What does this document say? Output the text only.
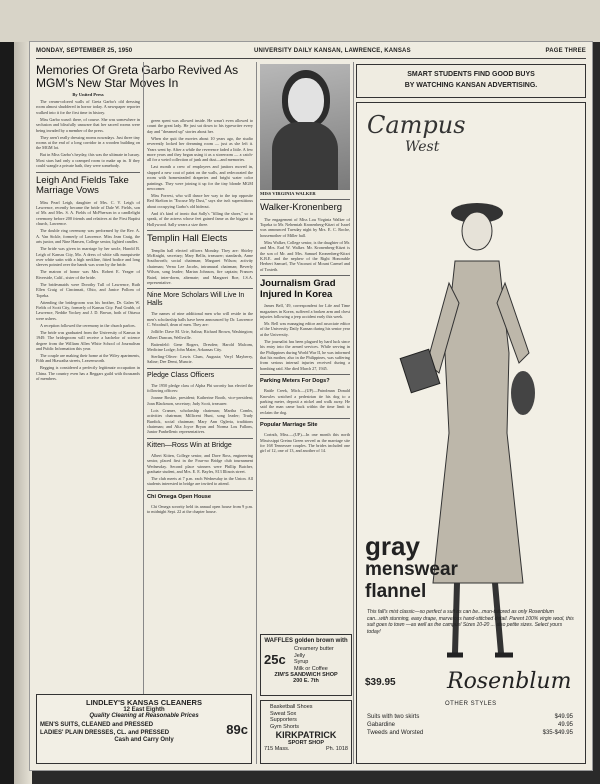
MONDAY, SEPTEMBER 25, 1950	UNIVERSITY DAILY KANSAN, LAWRENCE, KANSAS	PAGE THREE
Memories Of Greta Garbo Revived As MGM's New Star Moves In
By United Press

The cream-colored walls of Greta Garbo's old dressing room almost shuddered in horror today. A newspaper reporter walked into it for the first time in history.

Miss Garbo wasn't there, of course. She was somewhere in seclusion and blissfully unaware that her sacred rooms were being invaded by a member of the press.

They aren't really dressing rooms nowadays. Just three tiny rooms at the end of a long corridor in a wooden building on the MGM lot.

But in Miss Garbo's heyday, this was the ultimate in luxury. Most stars had only a cramped room to make up in. If they could wangle a private bath, they were somebody.

Leigh And Fields Take Marriage Vows

Miss Pearl Leigh, daughter of Mrs. C. V. Leigh of Lawrence, recently became the bride of Dale W. Fields, son of Mr. and Mrs. S. A. Fields of McPherson in a candlelight ceremony before 200 friends and relatives at the First Baptist church, Lawrence.

The double ring ceremony was performed by the Rev. A. A. Van Sickle, formerly of Lawrence. Miss Jean Craig, the arts junior, and Nine Hansen, College senior, lighted candles.

The bride was given in marriage by her uncle, Harold B. Leigh of Kansas City, Mo. A dress of white silk marquisette over white satin with a high neckline, fitted bodice and long sleeves pointed over the hands was worn by the bride.

The matron of honor was Mrs. Robert E. Yeager of Riverside, Calif., sister of the bride.

The bridesmaids were Dorothy Tull of Lawrence, Ruth Ellen Craig of Cincinnati, Ohio, and Janice Pollom of Topeka.

Attending the bridegroom was his brother, Dr. Galen W. Fields of Scott City, formerly of Kansas City. Paul Grubb, of Lawrence, Neddie Yockey and J. D. Brown, both of Ottawa were ushers.

A reception followed the ceremony in the church parlors.

The bride was graduated from the University of Kansas in 1949. The bridegroom will receive a bachelor of science degree from the William Allen White School of Journalism and Public Information this year.

The couple are making their home at the Wiley apartments, Fifth and Hiawatha streets, Leavenworth.

Begging is considered a perfectly legitimate occupation in China. The country even has a Beggars guild with thousands of members.

green spent was allowed inside. He wasn't even allowed to count the great lady. He just sat down to his typewriter every day and "dreamed up" stories about her.

When she quit the movies about 10 years ago, the studio reverently locked her dreaming room — just as she left it. Years went by. After a while the reverence faded a little. A few more years and they began using it as a storeroom — a catch-all for a weird collection of junk and dust—and memories.

Last month a crew of employees and janitors moved in, slapped a new coat of paint on the walls, and redecorated the room with homesteaded draperies and bright water color paintings. They were joining it up for the tiny blonde MGM newcomer.

Miss Forrest, who will dance her way to the top opposite Red Skelton in "Excuse My Dust," says she isn't superstitious about occupying Garbo's old hideout.

And it's kind of ironic that Sally's "filling the shoes," so to speak, of the actress whose feet gained fame as the biggest in Hollywood. Sally wears a size three.

Templin Hall Elects

Templin hall elected officers Monday. They are: Shirley McKnight, secretary; Mary Bellis, treasurer; standards, Anne Southworth; social chairman; Margaret Wilson; activity chairman; Verna Lee Jacobs, intramural chairman; Beverly Wilson, song leader; Marian Johnson, fire captain; Frances Baird, inter-dorm, alternate; and Margaret Roe, I.S.A. representative.

Nine More Scholars Will Live In Halls

The names of nine additional men who will reside in the men's scholarship halls have been announced by Dr. Lawrence C. Woodruff, dean of men. They are:

Jolliffe: Dave M. Urie, Salina; Richard Brown, Washington; Albert Duncan, Wellsville.

Battenfeld: Gene Rogers, Dresden; Harold Malcom, Medicine Lodge; John Maier, Arkansas City.

Sterling-Oliver: Lewis Clum, Augusta; Veryl Mayberry, Saline; Dee Demt, Muncie.

Pledge Class Officers

The 1950 pledge class of Alpha Phi sorority has elected the following officers:

Joanne Boskie, president; Katherine Booth, vice-president; Joan Blackmon, secretary; Judy Scott, treasurer.

Lois Cramer, scholarship chairman; Martha Combs, activities chairman; Millicent Hunt, song leader; Trudy Burdick, social chairman; Mary Ann Ogleria, traditions chairman; and Alta Joyce Bryan and Norma Lou Fallons, Junior Panhellenic representatives.

Kitten—Ross Win at Bridge

Albert Kitten, College senior, and Dave Ross, engineering senior, placed first in the Four-no Bridge club tournament Wednesday. Second place winners were Phillip Butcher, graduate student, and Mrs. E. E. Bayles, 813 Illinois street.

The club meets at 7 p.m. each Wednesday in the Union. All students interested in bridge are invited to attend.

Chi Omega Open House

Chi Omega sorority held its annual open house from 9 p.m. to midnight Sept. 22 at the chapter house.

MISS VIRGINIA WALKER
Walker-Kronenberg

The engagement of Miss Lou Virginia Walker of Topeka to Mr. Nehemiah Kronenberg-Kitzri of Israel was announced Tuesday night by Mrs. E. C. Roche, housemother of Miller hall.

Miss Walker, College senior, is the daughter of Mr. and Mrs. Earl W. Walker. Mr. Kronenberg-Kitzri is the son of Mr. and Mrs. Samuel Kronenberg-Kitzri K.B.E. and the nephew of the Right Honorable Herbert Samuel, The Viscount of Mount Carmel and of Toxteth.

Journalism Grad Injured In Korea

James Bell, '49, correspondent for Life and Time magazines in Korea, suffered a broken arm and chest injuries following a jeep accident early this week.

Mr. Bell was managing editor and associate editor of the University Daily Kansan during his senior year at the University.

The journalist has been plagued by hard luck since his entry into the armed services. While serving in the Philippines during World War II, he was informed that his mother, also in the Philippines, was suffering from serious internal injuries received during a bombing raid. She died March 27, 1945.

Parking Meters For Dogs?

Battle Creek, Mich.—(UP)—Patrolman Donald Knowles watched a pedestrian tie his dog to a parking meter, deposit a nickel and walk away. He said the man came back within the time limit to reclaim the dog.

Popular Marriage Site

Corinth, Miss.—(UP)—In one month this north Mississippi Gretna Green served as the marriage site for 168 Tennessee couples. The brides included one girl of 12, one of 13, and another of 14.

SMART STUDENTS FIND GOOD BUYS
BY WATCHING KANSAN ADVERTISING.
Campus
West
gray
menswear
flannel
This fall's mist classic—so perfect a suit as can be...mun-tailored as only Rosenblum can...with stunning, easy drape, marvelous hand-stitched detail. Parent 100% virgin wool, this suit goes to town —as well as the campus! Sizes 10-20 ... also petite sizes. Select yours today!
$39.95 Rosenblum
OTHER STYLES
Suits with two skirts	$49.95
Gabardine	49.95
Tweeds and Worsted	$35-$49.95
WAFFLES golden brown with
25c
Creamery butter
Jelly
Syrup
Milk or Coffee
ZIM'S SANDWICH SHOP
200 E. 7th
Basketball Shoes
Sweat Sox
Supporters
Gym Shorts
KIRKPATRICK
SPORT SHOP
715 Mass.	Ph. 1018
LINDLEY'S KANSAS CLEANERS
12 East Eighth
Quality Cleaning at Reasonable Prices
MEN'S SUITS, CLEANED and PRESSED
LADIES' PLAIN DRESSES, CL. and PRESSED	89c
Cash and Carry Only
